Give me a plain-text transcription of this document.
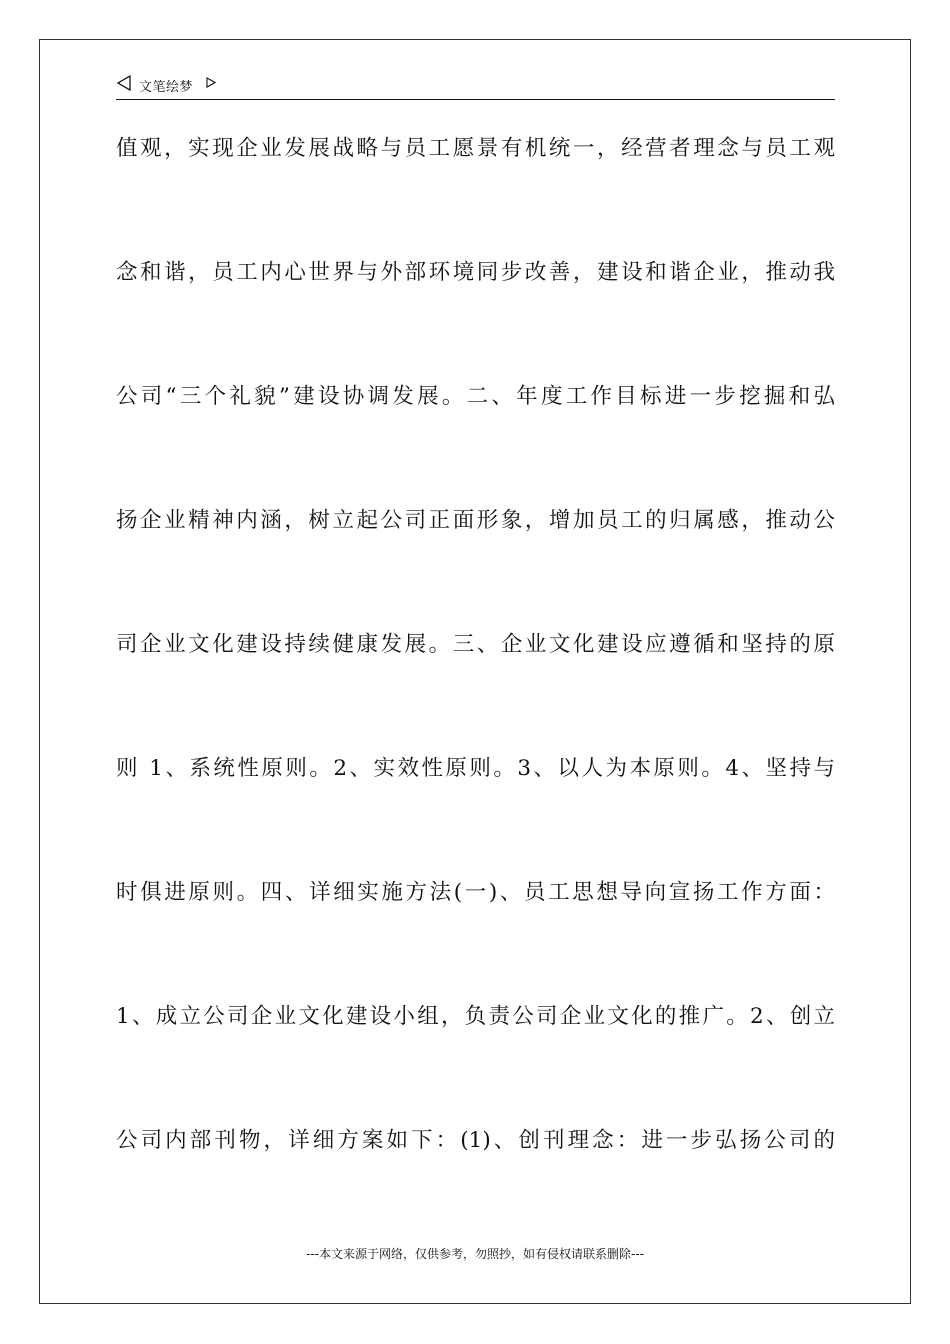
文笔绘梦
值观，实现企业发展战略与员工愿景有机统一，经营者理念与员工观
念和谐，员工内心世界与外部环境同步改善，建设和谐企业，推动我
公司“三个礼貌”建设协调发展。二、年度工作目标进一步挖掘和弘
扬企业精神内涵，树立起公司正面形象，增加员工的归属感，推动公
司企业文化建设持续健康发展。三、企业文化建设应遵循和坚持的原
则 1、系统性原则。2、实效性原则。3、以人为本原则。4、坚持与
时俱进原则。四、详细实施方法(一)、员工思想导向宣扬工作方面：
1、成立公司企业文化建设小组，负责公司企业文化的推广。2、创立
公司内部刊物，详细方案如下：(1)、创刊理念：进一步弘扬公司的
---本文来源于网络，仅供参考，勿照抄，如有侵权请联系删除---
